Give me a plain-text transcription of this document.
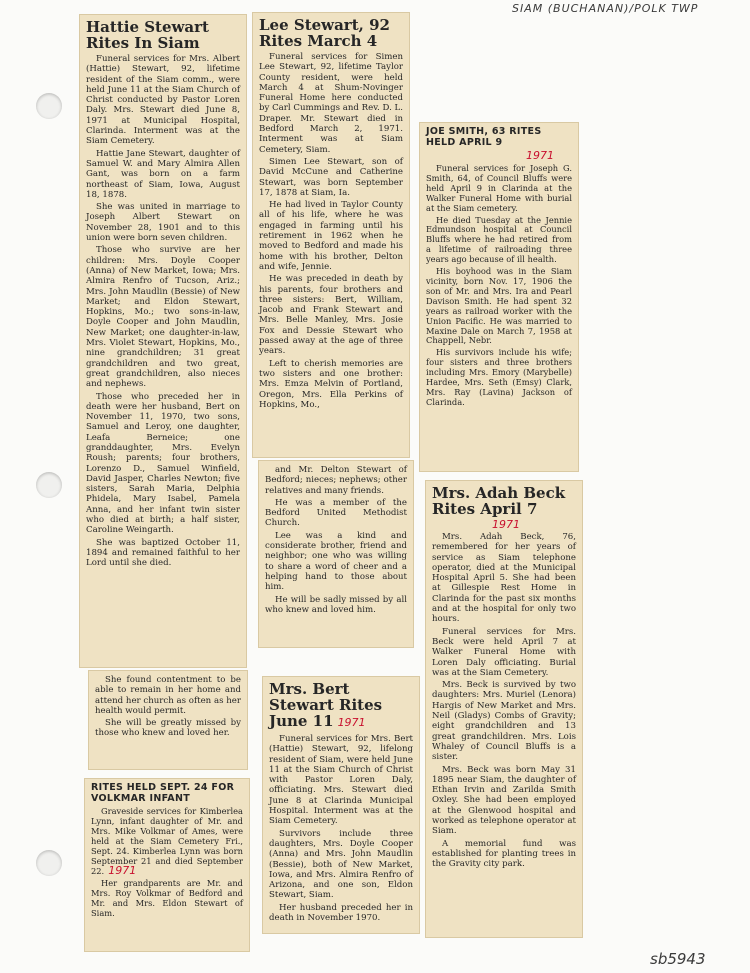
SIAM (BUCHANAN)/POLK TWP
sb5943
Hattie Stewart Rites In Siam

Funeral services for Mrs. Albert (Hattie) Stewart, 92, lifetime resident of the Siam comm., were held June 11 at the Siam Church of Christ conducted by Pastor Loren Daly. Mrs. Stewart died June 8, 1971 at Municipal Hospital, Clarinda. Interment was at the Siam Cemetery.

Hattie Jane Stewart, daughter of Samuel W. and Mary Almira Allen Gant, was born on a farm northeast of Siam, Iowa, August 18, 1878.

She was united in marriage to Joseph Albert Stewart on November 28, 1901 and to this union were born seven children.

Those who survive are her children: Mrs. Doyle Cooper (Anna) of New Market, Iowa; Mrs. Almira Renfro of Tucson, Ariz.; Mrs. John Maudlin (Bessie) of New Market; and Eldon Stewart, Hopkins, Mo.; two sons-in-law, Doyle Cooper and John Maudlin, New Market; one daughter-in-law, Mrs. Violet Stewart, Hopkins, Mo., nine grandchildren; 31 great grandchildren and two great, great grandchildren, also nieces and nephews.

Those who preceded her in death were her husband, Bert on November 11, 1970, two sons, Samuel and Leroy, one daughter, Leafa Berneice; one granddaughter, Mrs. Evelyn Roush; parents; four brothers, Lorenzo D., Samuel Winfield, David Jasper, Charles Newton; five sisters, Sarah Maria, Delphia Phidela, Mary Isabel, Pamela Anna, and her infant twin sister who died at birth; a half sister, Caroline Weingarth.

She was baptized October 11, 1894 and remained faithful to her Lord until she died.

She found contentment to be able to remain in her home and attend her church as often as her health would permit.

She will be greatly missed by those who knew and loved her.

RITES HELD SEPT. 24 FOR VOLKMAR INFANT

Graveside services for Kimberlea Lynn, infant daughter of Mr. and Mrs. Mike Volkmar of Ames, were held at the Siam Cemetery Fri., Sept. 24. Kimberlea Lynn was born September 21 and died September 22. 1971

Her grandparents are Mr. and Mrs. Roy Volkmar of Bedford and Mr. and Mrs. Eldon Stewart of Siam.

Lee Stewart, 92 Rites March 4

Funeral services for Simen Lee Stewart, 92, lifetime Taylor County resident, were held March 4 at Shum-Novinger Funeral Home here conducted by Carl Cummings and Rev. D. L. Draper. Mr. Stewart died in Bedford March 2, 1971. Interment was at Siam Cemetery, Siam.

Simen Lee Stewart, son of David McCune and Catherine Stewart, was born September 17, 1878 at Siam, Ia.

He had lived in Taylor County all of his life, where he was engaged in farming until his retirement in 1962 when he moved to Bedford and made his home with his brother, Delton and wife, Jennie.

He was preceded in death by his parents, four brothers and three sisters: Bert, William, Jacob and Frank Stewart and Mrs. Belle Manley, Mrs. Josie Fox and Dessie Stewart who passed away at the age of three years.

Left to cherish memories are two sisters and one brother: Mrs. Emza Melvin of Portland, Oregon, Mrs. Ella Perkins of Hopkins, Mo.,

and Mr. Delton Stewart of Bedford; nieces; nephews; other relatives and many friends.

He was a member of the Bedford United Methodist Church.

Lee was a kind and considerate brother, friend and neighbor; one who was willing to share a word of cheer and a helping hand to those about him.

He will be sadly missed by all who knew and loved him.

Mrs. Bert Stewart Rites June 11 1971

Funeral services for Mrs. Bert (Hattie) Stewart, 92, lifelong resident of Siam, were held June 11 at the Siam Church of Christ with Pastor Loren Daly, officiating. Mrs. Stewart died June 8 at Clarinda Municipal Hospital. Interment was at the Siam Cemetery.

Survivors include three daughters, Mrs. Doyle Cooper (Anna) and Mrs. John Maudlin (Bessie), both of New Market, Iowa, and Mrs. Almira Renfro of Arizona, and one son, Eldon Stewart, Siam.

Her husband preceded her in death in November 1970.

JOE SMITH, 63 RITES HELD APRIL 9
1971

Funeral services for Joseph G. Smith, 64, of Council Bluffs were held April 9 in Clarinda at the Walker Funeral Home with burial at the Siam cemetery.

He died Tuesday at the Jennie Edmundson hospital at Council Bluffs where he had retired from a lifetime of railroading three years ago because of ill health.

His boyhood was in the Siam vicinity, born Nov. 17, 1906 the son of Mr. and Mrs. Ira and Pearl Davison Smith. He had spent 32 years as railroad worker with the Union Pacific. He was married to Maxine Dale on March 7, 1958 at Chappell, Nebr.

His survivors include his wife; four sisters and three brothers including Mrs. Emory (Marybelle) Hardee, Mrs. Seth (Emsy) Clark, Mrs. Ray (Lavina) Jackson of Clarinda.

Mrs. Adah Beck Rites April 7
1971

Mrs. Adah Beck, 76, remembered for her years of service as Siam telephone operator, died at the Municipal Hospital April 5. She had been at Gillespie Rest Home in Clarinda for the past six months and at the hospital for only two hours.

Funeral services for Mrs. Beck were held April 7 at Walker Funeral Home with Loren Daly officiating. Burial was at the Siam Cemetery.

Mrs. Beck is survived by two daughters: Mrs. Muriel (Lenora) Hargis of New Market and Mrs. Neil (Gladys) Combs of Gravity; eight grandchildren and 13 great grandchildren. Mrs. Lois Whaley of Council Bluffs is a sister.

Mrs. Beck was born May 31 1895 near Siam, the daughter of Ethan Irvin and Zarilda Smith Oxley. She had been employed at the Glenwood hospital and worked as telephone operator at Siam.

A memorial fund was established for planting trees in the Gravity city park.
